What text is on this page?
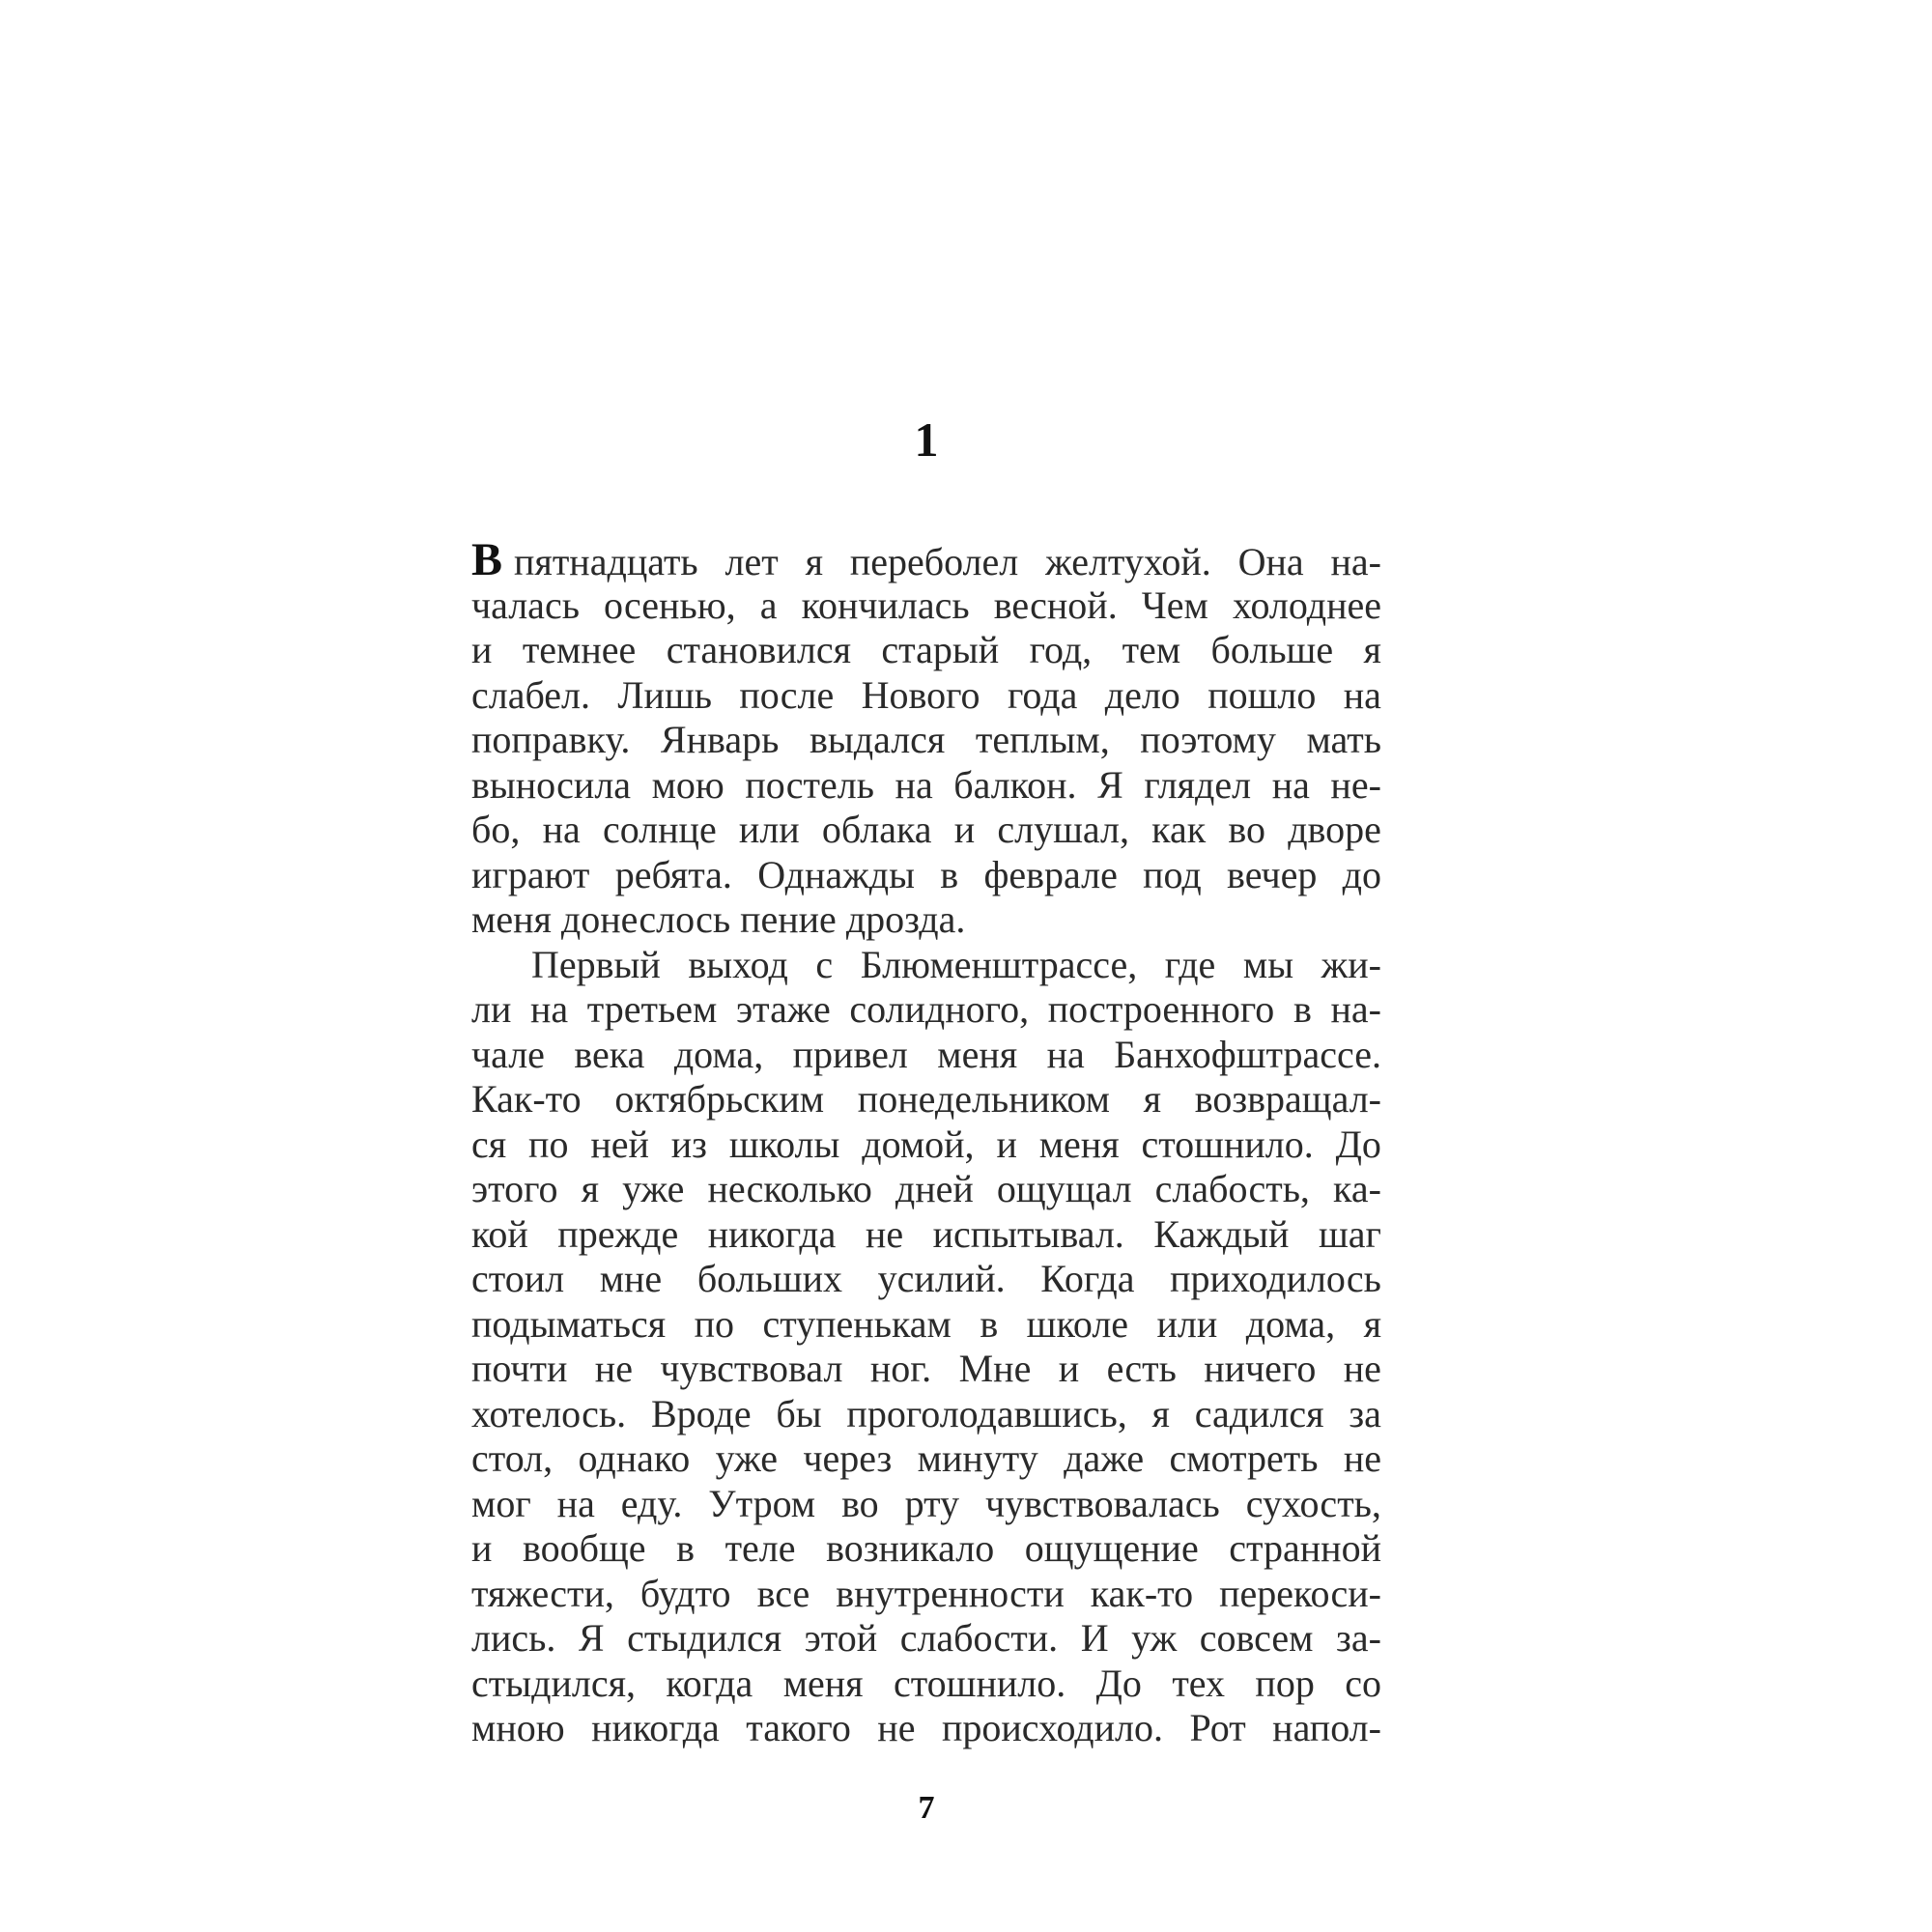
1
В пятнадцать лет я переболел желтухой. Она на-
чалась осенью, а кончилась весной. Чем холоднее
и темнее становился старый год, тем больше я
слабел. Лишь после Нового года дело пошло на
поправку. Январь выдался теплым, поэтому мать
выносила мою постель на балкон. Я глядел на не-
бо, на солнце или облака и слушал, как во дворе
играют ребята. Однажды в феврале под вечер до
меня донеслось пение дрозда.
Первый выход с Блюменштрассе, где мы жи-
ли на третьем этаже солидного, построенного в на-
чале века дома, привел меня на Банхофштрассе.
Как-то октябрьским понедельником я возвращал-
ся по ней из школы домой, и меня стошнило. До
этого я уже несколько дней ощущал слабость, ка-
кой прежде никогда не испытывал. Каждый шаг
стоил мне больших усилий. Когда приходилось
подыматься по ступенькам в школе или дома, я
почти не чувствовал ног. Мне и есть ничего не
хотелось. Вроде бы проголодавшись, я садился за
стол, однако уже через минуту даже смотреть не
мог на еду. Утром во рту чувствовалась сухость,
и вообще в теле возникало ощущение странной
тяжести, будто все внутренности как-то перекоси-
лись. Я стыдился этой слабости. И уж совсем за-
стыдился, когда меня стошнило. До тех пор со
мною никогда такого не происходило. Рот напол-
7
